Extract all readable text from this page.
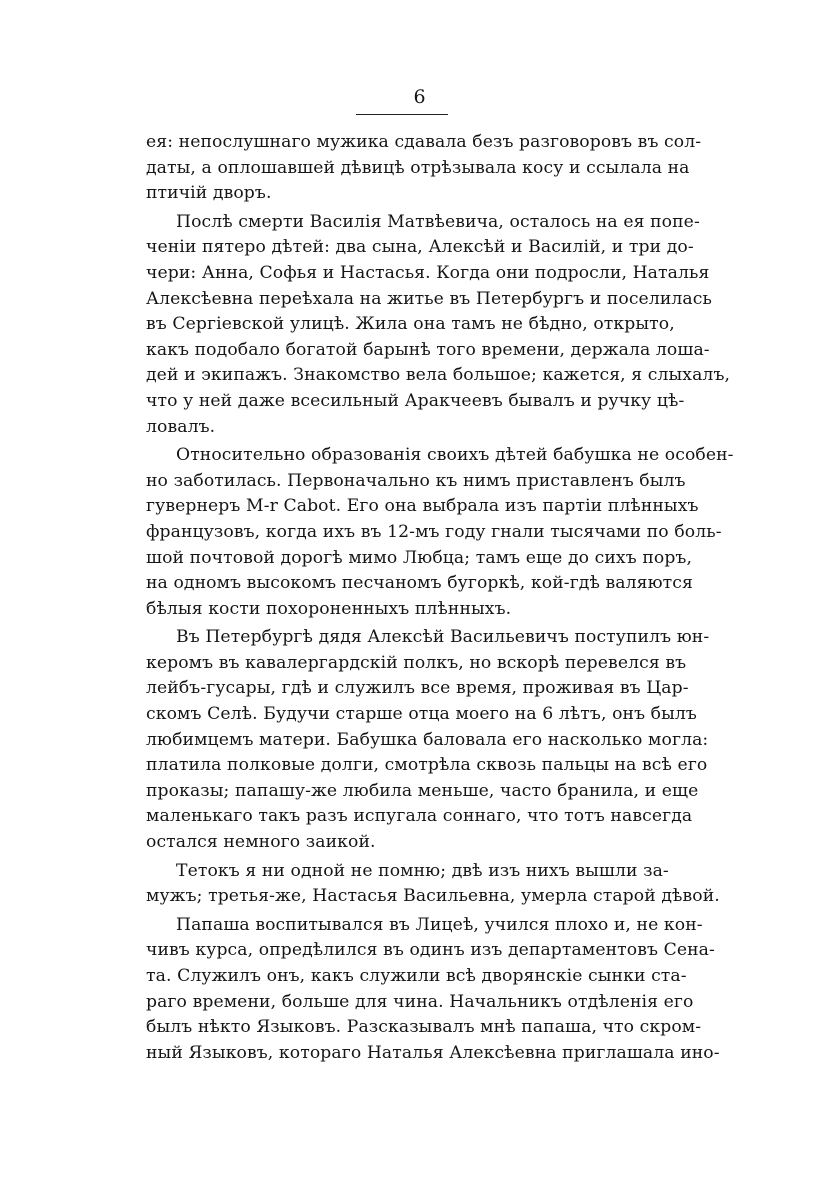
6
ея: непослушнаго мужика сдавала безъ разговоровъ въ сол-
даты, а оплошавшей дѣвицѣ отрѣзывала косу и ссылала на
птичій дворъ.
Послѣ смерти Василія Матвѣевича, осталось на ея попе-
ченіи пятеро дѣтей: два сына, Алексѣй и Василій, и три до-
чери: Анна, Софья и Настасья. Когда они подросли, Наталья
Алексѣевна переѣхала на житье въ Петербургъ и поселилась
въ Сергіевской улицѣ. Жила она тамъ не бѣдно, открыто,
какъ подобало богатой барынѣ того времени, держала лоша-
дей и экипажъ. Знакомство вела большое; кажется, я слыхалъ,
что у ней даже всесильный Аракчеевъ бывалъ и ручку цѣ-
ловалъ.
Относительно образованія своихъ дѣтей бабушка не особен-
но заботилась. Первоначально къ нимъ приставленъ былъ
гувернеръ M-r Cabot. Его она выбрала изъ партіи плѣнныхъ
французовъ, когда ихъ въ 12-мъ году гнали тысячами по боль-
шой почтовой дорогѣ мимо Любца; тамъ еще до сихъ поръ,
на одномъ высокомъ песчаномъ бугоркѣ, кой-гдѣ валяются
бѣлыя кости похороненныхъ плѣнныхъ.
Въ Петербургѣ дядя Алексѣй Васильевичъ поступилъ юн-
керомъ въ кавалергардскій полкъ, но вскорѣ перевелся въ
лейбъ-гусары, гдѣ и служилъ все время, проживая въ Цар-
скомъ Селѣ. Будучи старше отца моего на 6 лѣтъ, онъ былъ
любимцемъ матери. Бабушка баловала его насколько могла:
платила полковые долги, смотрѣла сквозь пальцы на всѣ его
проказы; папашу-же любила меньше, часто бранила, и еще
маленькаго такъ разъ испугала соннаго, что тотъ навсегда
остался немного заикой.
Тетокъ я ни одной не помню; двѣ изъ нихъ вышли за-
мужъ; третья-же, Настасья Васильевна, умерла старой дѣвой.
Папаша воспитывался въ Лицеѣ, учился плохо и, не кон-
чивъ курса, опредѣлился въ одинъ изъ департаментовъ Сена-
та. Служилъ онъ, какъ служили всѣ дворянскіе сынки ста-
раго времени, больше для чина. Начальникъ отдѣленія его
былъ нѣкто Языковъ. Разсказывалъ мнѣ папаша, что скром-
ный Языковъ, котораго Наталья Алексѣевна приглашала ино-
